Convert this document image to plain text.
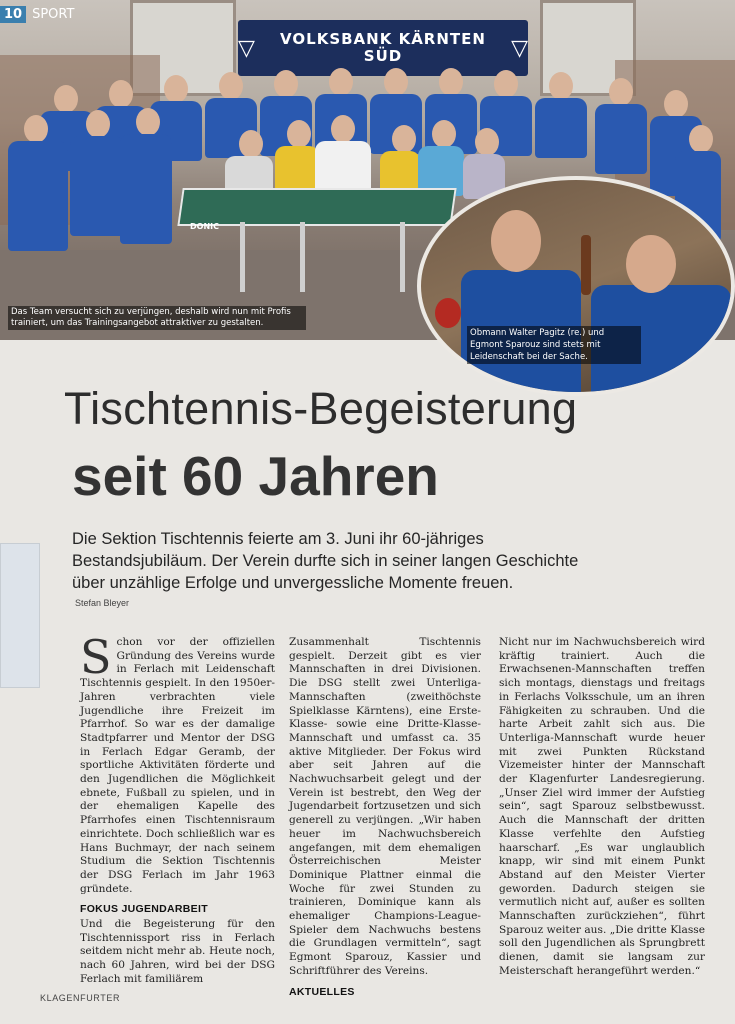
10 SPORT
▽	VOLKSBANK KÄRNTEN SÜD	▽
DONIC
Das Team versucht sich zu verjüngen, deshalb wird nun mit Profis trainiert, um das Trainingsangebot attraktiver zu gestalten.
Obmann Walter Pagitz (re.) und Egmont Sparouz sind stets mit Leidenschaft bei der Sache.
Tischtennis-Begeisterung
seit 60 Jahren
Die Sektion Tischtennis feierte am 3. Juni ihr 60-jähriges Bestandsjubiläum. Der Verein durfte sich in seiner langen Geschichte über unzählige Erfolge und unvergessliche Momente freuen.
Stefan Bleyer

Schon vor der offiziellen Gründung des Vereins wurde in Ferlach mit Leidenschaft Tischtennis gespielt. In den 1950er-Jahren verbrachten viele Jugendliche ihre Freizeit im Pfarrhof. So war es der damalige Stadtpfarrer und Mentor der DSG in Ferlach Edgar Geramb, der sportliche Aktivitäten förderte und den Jugendlichen die Möglichkeit ebnete, Fußball zu spielen, und in der ehemaligen Kapelle des Pfarrhofes einen Tischtennisraum einrichtete. Doch schließlich war es Hans Buchmayr, der nach seinem Studium die Sektion Tischtennis der DSG Ferlach im Jahr 1963 gründete.

FOKUS JUGENDARBEIT

Und die Begeisterung für den Tischtennissport riss in Ferlach seitdem nicht mehr ab. Heute noch, nach 60 Jahren, wird bei der DSG Ferlach mit familiärem

Zusammenhalt Tischtennis gespielt. Derzeit gibt es vier Mannschaften in drei Divisionen. Die DSG stellt zwei Unterliga-Mannschaften (zweithöchste Spielklasse Kärntens), eine Erste-Klasse- sowie eine Dritte-Klasse-Mannschaft und umfasst ca. 35 aktive Mitglieder. Der Fokus wird aber seit Jahren auf die Nachwuchsarbeit gelegt und der Verein ist bestrebt, den Weg der Jugendarbeit fortzusetzen und sich generell zu verjüngen. „Wir haben heuer im Nachwuchsbereich angefangen, mit dem ehemaligen Österreichischen Meister Dominique Plattner einmal die Woche für zwei Stunden zu trainieren, Dominique kann als ehemaliger Champions-League-Spieler dem Nachwuchs bestens die Grundlagen vermitteln“, sagt Egmont Sparouz, Kassier und Schriftführer des Vereins.

AKTUELLES

Nicht nur im Nachwuchsbereich wird kräftig trainiert. Auch die Erwachsenen-Mannschaften treffen sich montags, dienstags und freitags in Ferlachs Volksschule, um an ihren Fähigkeiten zu schrauben. Und die harte Arbeit zahlt sich aus. Die Unterliga-Mannschaft wurde heuer mit zwei Punkten Rückstand Vizemeister hinter der Mannschaft der Klagenfurter Landesregierung. „Unser Ziel wird immer der Aufstieg sein“, sagt Sparouz selbstbewusst. Auch die Mannschaft der dritten Klasse verfehlte den Aufstieg haarscharf. „Es war unglaublich knapp, wir sind mit einem Punkt Abstand auf den Meister Vierter geworden. Dadurch steigen sie vermutlich nicht auf, außer es sollten Mannschaften zurückziehen“, führt Sparouz weiter aus. „Die dritte Klasse soll den Jugendlichen als Sprungbrett dienen, damit sie langsam zur Meisterschaft herangeführt werden.“

KLAGENFURTER
